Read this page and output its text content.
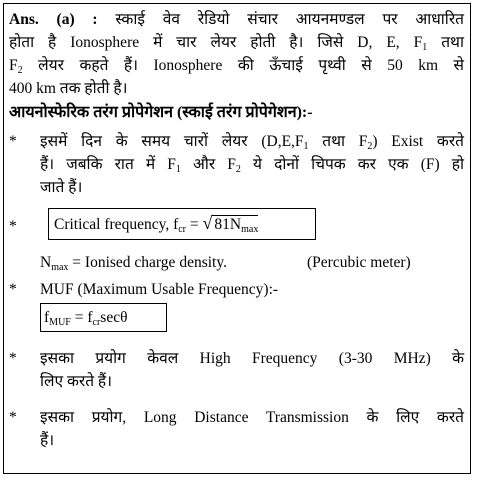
Ans. (a) : स्काई वेव रेडियो संचार आयनमण्डल पर आधारित
होता है Ionosphere में चार लेयर होती है। जिसे D, E, $F_1$ तथा
$F_2$ लेयर कहते हैं। Ionosphere की ऊँचाई पृथ्वी से 50 km से
400 km तक होती है।
आयनोस्फेरिक तरंग प्रोपेगेशन (स्काई तरंग प्रोपेगेशन):-
* इसमें दिन के समय चारों लेयर ($D,E,F_1$ तथा $F_2$) Exist करते
हैं। जबकि रात में $F_1$ और $F_2$ ये दोनों चिपक कर एक (F) हो
जाते हैं।
*	Critical frequency, $f_{cr}$ = √ $81N_{max}$
$N_{max}$ = Ionised charge density.	(Percubic meter)
* MUF (Maximum Usable Frequency):-
$f_{MUF} = f_{cr}\sec\theta$
* इसका प्रयोग केवल High Frequency (3-30 MHz) के
लिए करते हैं।
* इसका प्रयोग, Long Distance Transmission के लिए करते
हैं।
